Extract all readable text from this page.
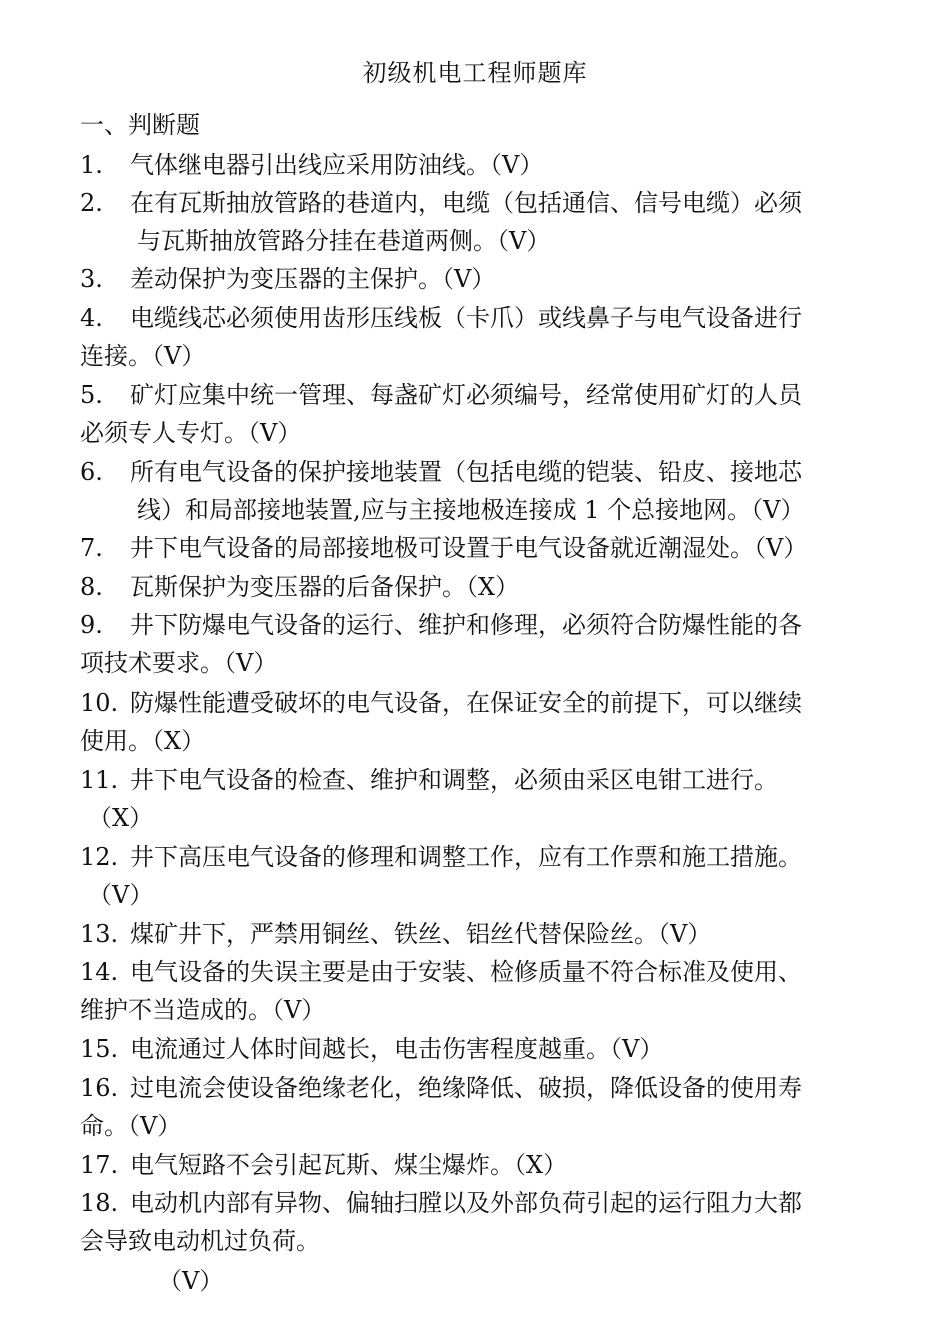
初级机电工程师题库
一、判断题
1. 气体继电器引出线应采用防油线。（V）
2. 在有瓦斯抽放管路的巷道内，电缆（包括通信、信号电缆）必须
与瓦斯抽放管路分挂在巷道两侧。（V）
3. 差动保护为变压器的主保护。（V）
4. 电缆线芯必须使用齿形压线板（卡爪）或线鼻子与电气设备进行
连接。（V）
5. 矿灯应集中统一管理、每盏矿灯必须编号，经常使用矿灯的人员
必须专人专灯。（V）
6. 所有电气设备的保护接地装置（包括电缆的铠装、铅皮、接地芯
线）和局部接地装置,应与主接地极连接成 1 个总接地网。（V）
7. 井下电气设备的局部接地极可设置于电气设备就近潮湿处。（V）
8. 瓦斯保护为变压器的后备保护。（X）
9. 井下防爆电气设备的运行、维护和修理，必须符合防爆性能的各
项技术要求。（V）
10. 防爆性能遭受破坏的电气设备，在保证安全的前提下，可以继续
使用。（X）
11. 井下电气设备的检查、维护和调整，必须由采区电钳工进行。
（X）
12. 井下高压电气设备的修理和调整工作，应有工作票和施工措施。
（V）
13. 煤矿井下，严禁用铜丝、铁丝、铝丝代替保险丝。（V）
14. 电气设备的失误主要是由于安装、检修质量不符合标准及使用、
维护不当造成的。（V）
15. 电流通过人体时间越长，电击伤害程度越重。（V）
16. 过电流会使设备绝缘老化，绝缘降低、破损，降低设备的使用寿
命。（V）
17. 电气短路不会引起瓦斯、煤尘爆炸。（X）
18. 电动机内部有异物、偏轴扫膛以及外部负荷引起的运行阻力大都
会导致电动机过负荷。
（V）
